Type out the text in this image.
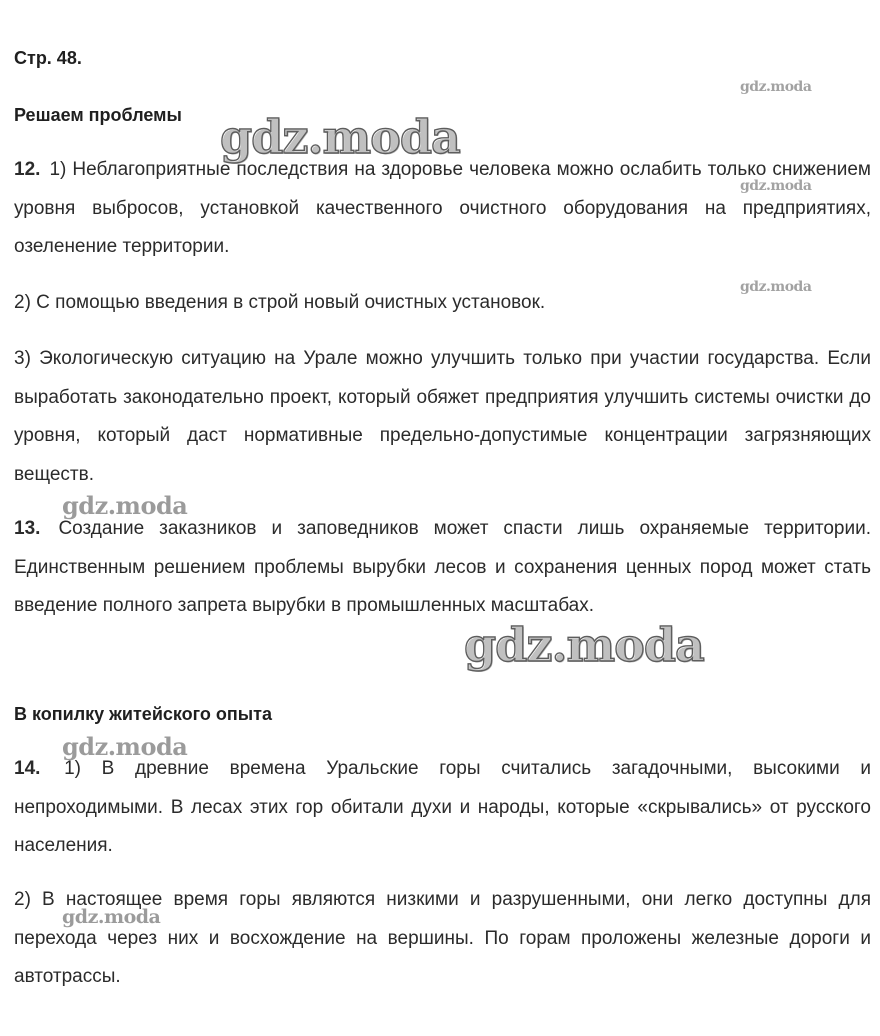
Стр. 48.
Решаем проблемы

12. 1) Неблагоприятные последствия на здоровье человека можно ослабить только снижением уровня выбросов, установкой качественного очистного оборудования на предприятиях, озеленение территории.

2) С помощью введения в строй новый очистных установок.

3) Экологическую ситуацию на Урале можно улучшить только при участии государства. Если выработать законодательно проект, который обяжет предприятия улучшить системы очистки до уровня, который даст нормативные предельно-допустимые концентрации загрязняющих веществ.

13. Создание заказников и заповедников может спасти лишь охраняемые территории. Единственным решением проблемы вырубки лесов и сохранения ценных пород может стать введение полного запрета вырубки в промышленных масштабах.

В копилку житейского опыта

14. 1) В древние времена Уральские горы считались загадочными, высокими и непроходимыми. В лесах этих гор обитали духи и народы, которые «скрывались» от русского населения.

2) В настоящее время горы являются низкими и разрушенными, они легко доступны для перехода через них и восхождение на вершины. По горам проложены железные дороги и автотрассы.

gdz.moda
gdz.moda
gdz.moda
gdz.moda
gdz.moda
gdz.moda
gdz.moda
gdz.moda
